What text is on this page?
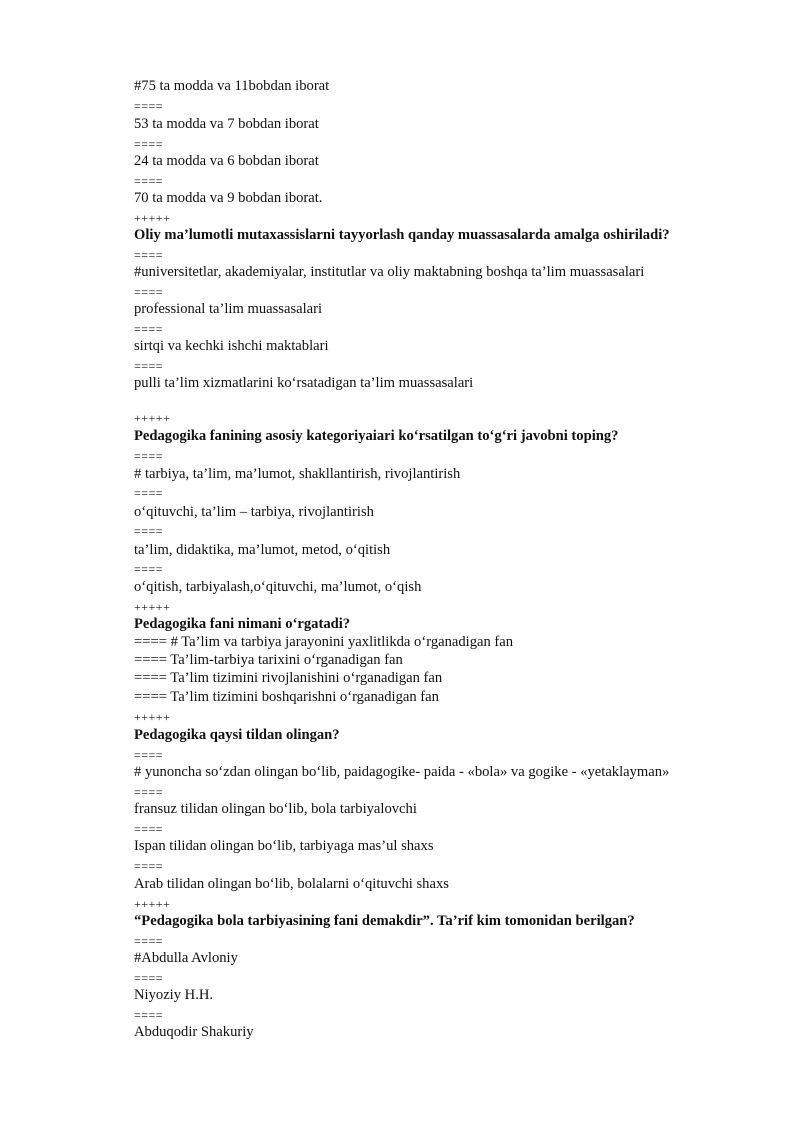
#75 ta modda va 11bobdan iborat
====
53 ta modda va 7 bobdan iborat
====
24 ta modda va 6 bobdan iborat
====
70 ta modda va 9 bobdan iborat.
+++++
Oliy ma’lumotli mutaxassislarni tayyorlash qanday muassasalarda amalga oshiriladi?
====
#universitetlar, akademiyalar, institutlar va oliy maktabning boshqa ta’lim muassasalari
====
professional ta’lim muassasalari
====
sirtqi va kechki ishchi maktablari
====
pulli ta’lim xizmatlarini ko‘rsatadigan ta’lim muassasalari
+++++
Pedagogika fanining asosiy kategoriyaiari ko‘rsatilgan to‘g‘ri javobni toping?
====
# tarbiya, ta’lim, ma’lumot, shakllantirish, rivojlantirish
====
o‘qituvchi, ta’lim – tarbiya, rivojlantirish
====
ta’lim, didaktika, ma’lumot, metod, o‘qitish
====
o‘qitish, tarbiyalash,o‘qituvchi, ma’lumot, o‘qish
+++++
Pedagogika fani nimani o‘rgatadi?
==== # Ta’lim va tarbiya jarayonini yaxlitlikda o‘rganadigan fan
==== Ta’lim-tarbiya tarixini o‘rganadigan fan
==== Ta’lim tizimini rivojlanishini o‘rganadigan fan
==== Ta’lim tizimini boshqarishni o‘rganadigan fan
+++++
Pedagogika qaysi tildan olingan?
====
# yunoncha so‘zdan olingan bo‘lib, paidagogike- paida - «bola» va gogike - «yetaklayman»
====
fransuz tilidan olingan bo‘lib, bola tarbiyalovchi
====
Ispan tilidan olingan bo‘lib, tarbiyaga mas’ul shaxs
====
Arab tilidan olingan bo‘lib, bolalarni o‘qituvchi shaxs
+++++
“Pedagogika bola tarbiyasining fani demakdir”. Ta’rif kim tomonidan berilgan?
====
#Abdulla Avloniy
====
Niyoziy H.H.
====
Abduqodir Shakuriy
